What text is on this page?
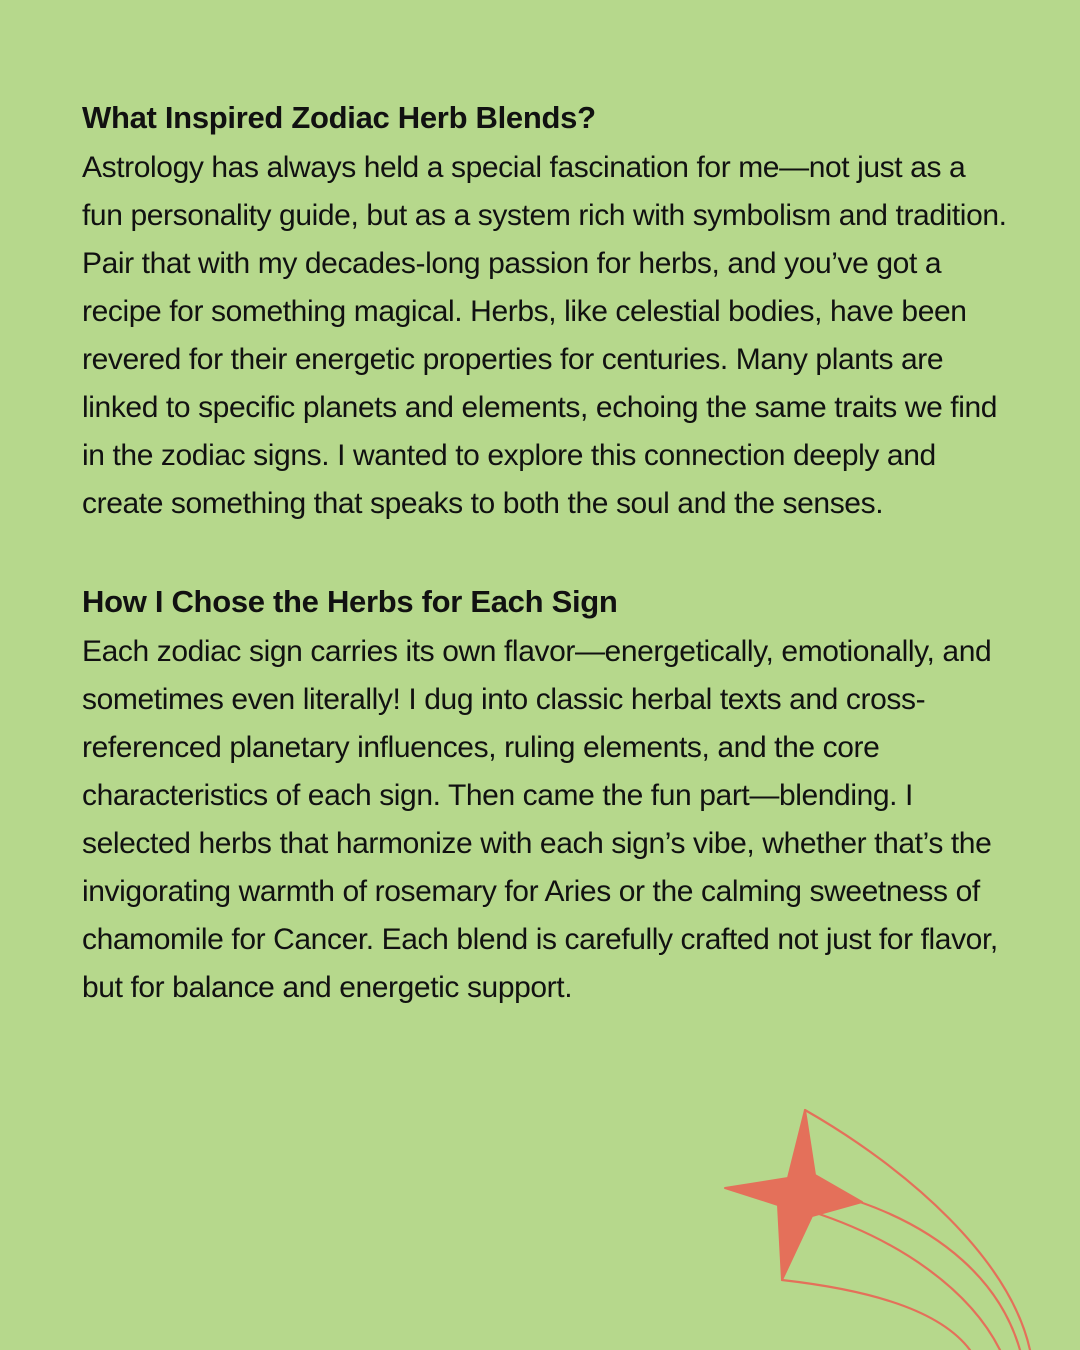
What Inspired Zodiac Herb Blends?

Astrology has always held a special fascination for me—not just as a fun personality guide, but as a system rich with symbolism and tradition. Pair that with my decades-long passion for herbs, and you’ve got a recipe for something magical. Herbs, like celestial bodies, have been revered for their energetic properties for centuries. Many plants are linked to specific planets and elements, echoing the same traits we find in the zodiac signs. I wanted to explore this connection deeply and create something that speaks to both the soul and the senses.

How I Chose the Herbs for Each Sign

Each zodiac sign carries its own flavor—energetically, emotionally, and sometimes even literally! I dug into classic herbal texts and cross-referenced planetary influences, ruling elements, and the core characteristics of each sign. Then came the fun part—blending. I selected herbs that harmonize with each sign’s vibe, whether that’s the invigorating warmth of rosemary for Aries or the calming sweetness of chamomile for Cancer. Each blend is carefully crafted not just for flavor, but for balance and energetic support.
